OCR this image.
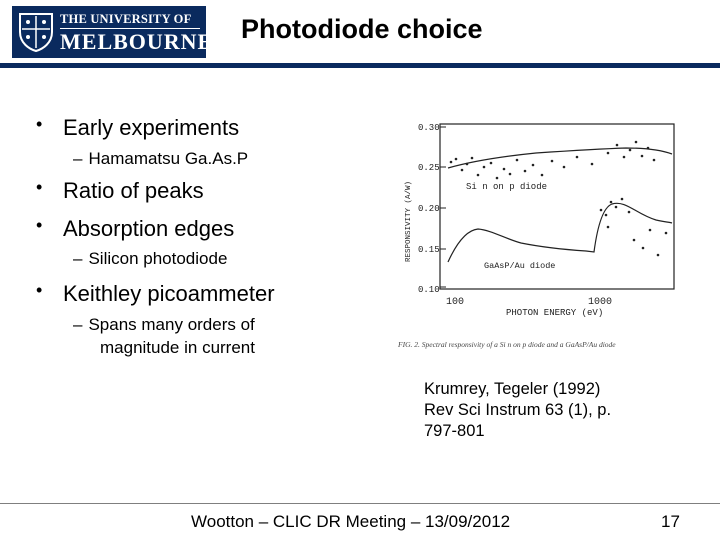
THE UNIVERSITY OF
MELBOURNE Photodiode choice
• Early experiments
– Hamamatsu Ga.As.P
• Ratio of peaks
• Absorption edges
– Silicon photodiode
• Keithley picoammeter
– Spans many orders of
magnitude in current
0.30
0.25
0.20
0.15
0.10
RESPONSIVITY (A/W)
100	1000
PHOTON ENERGY (eV)
Si n on p diode
GaAsP/Au diode
FIG. 2. Spectral responsivity of a Si n on p diode and a GaAsP/Au diode
Krumrey, Tegeler (1992)
Rev Sci Instrum 63 (1), p.
797-801
Wootton – CLIC DR Meeting – 13/09/2012	17
